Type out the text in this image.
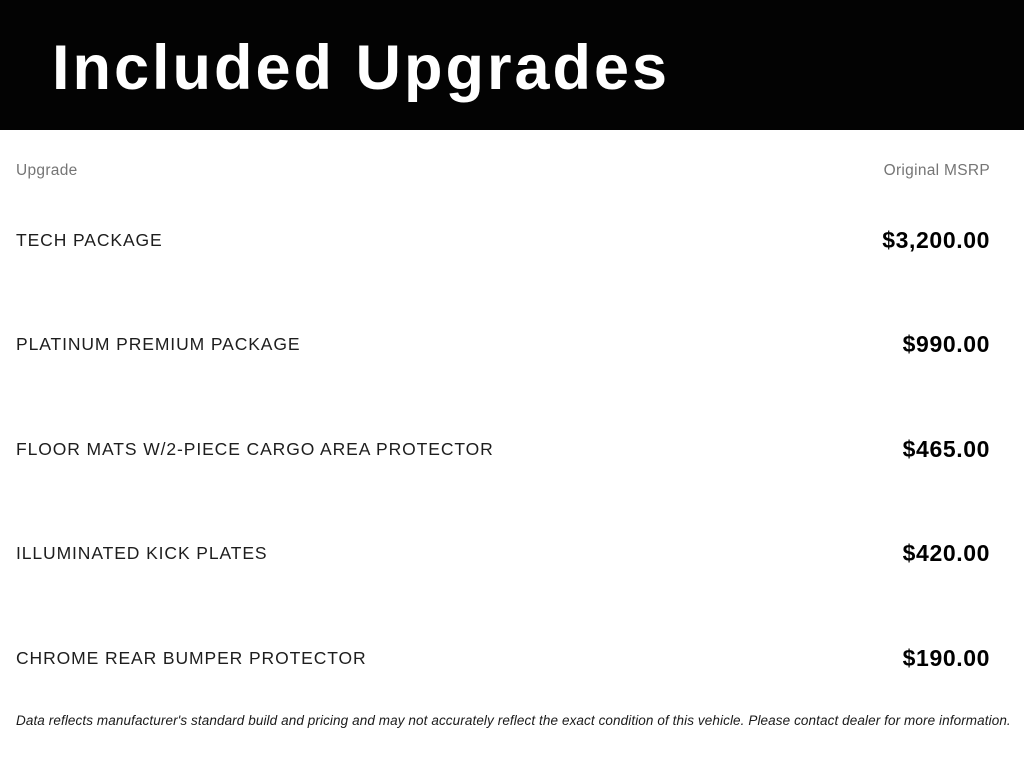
Included Upgrades
Upgrade	Original MSRP
TECH PACKAGE	$3,200.00
PLATINUM PREMIUM PACKAGE	$990.00
FLOOR MATS W/2-PIECE CARGO AREA PROTECTOR	$465.00
ILLUMINATED KICK PLATES	$420.00
CHROME REAR BUMPER PROTECTOR	$190.00
Data reflects manufacturer's standard build and pricing and may not accurately reflect the exact condition of this vehicle. Please contact dealer for more information.
